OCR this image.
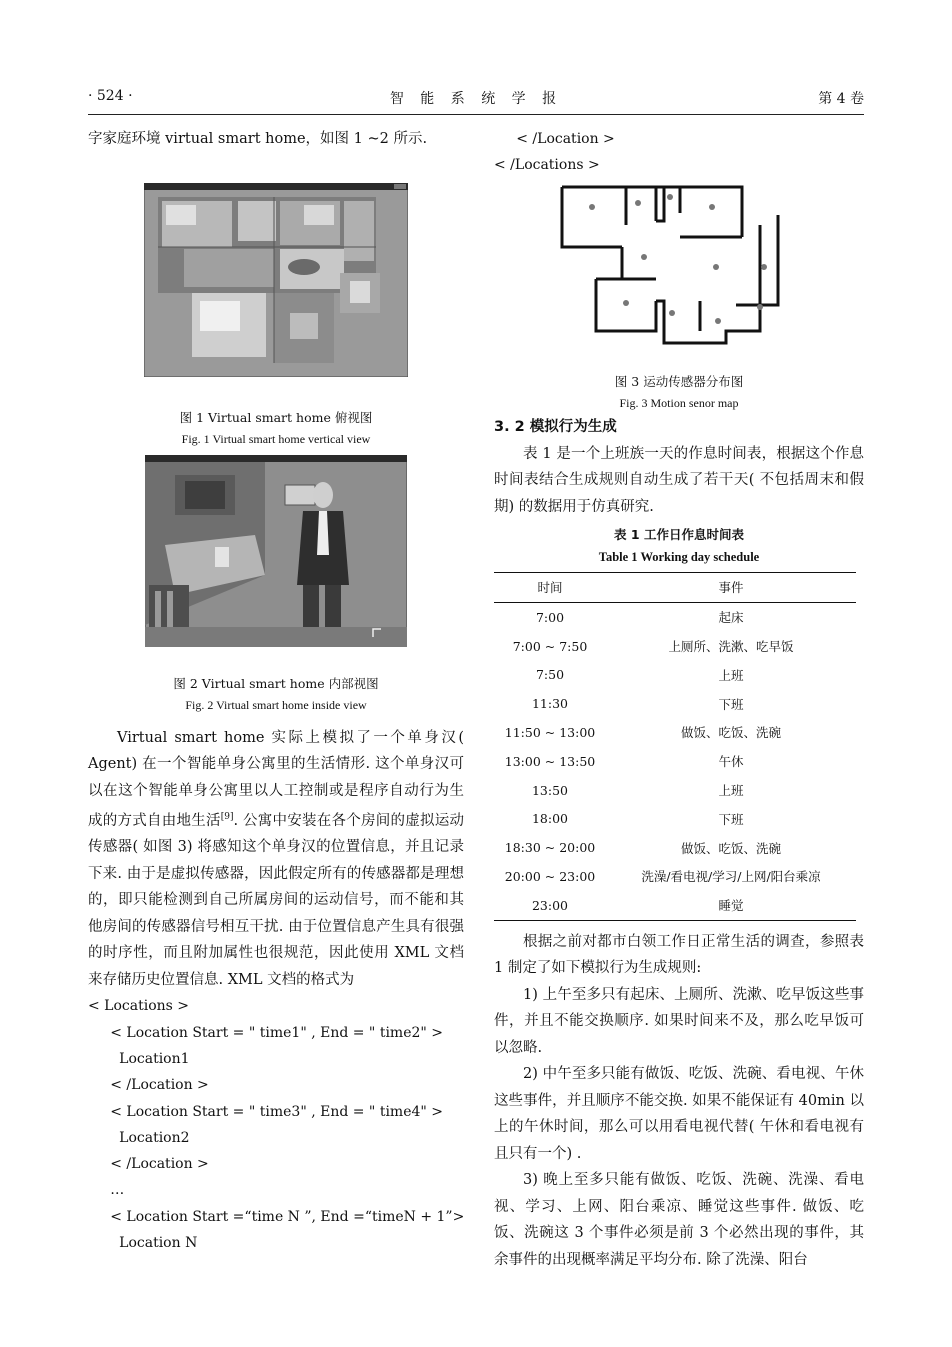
· 524 ·	智 能 系 统 学 报	第 4 卷

字家庭环境 virtual smart home，如图 1 ~2 所示.

图 1 Virtual smart home 俯视图
Fig. 1 Virtual smart home vertical view
图 2 Virtual smart home 内部视图
Fig. 2 Virtual smart home inside view

Virtual smart home 实际上模拟了一个单身汉( Agent) 在一个智能单身公寓里的生活情形. 这个单身汉可以在这个智能单身公寓里以人工控制或是程序自动行为生成的方式自由地生活[9]. 公寓中安装在各个房间的虚拟运动传感器( 如图 3) 将感知这个单身汉的位置信息，并且记录下来. 由于是虚拟传感器，因此假定所有的传感器都是理想的，即只能检测到自己所属房间的运动信号，而不能和其他房间的传感器信号相互干扰. 由于位置信息产生具有很强的时序性，而且附加属性也很规范，因此使用 XML 文档来存储历史位置信息. XML 文档的格式为

< Locations >
< Location Start = " time1" , End = " time2" >
Location1
< /Location >
< Location Start = " time3" , End = " time4" >
Location2
< /Location >
…
< Location Start =“time N ”, End =“timeN + 1”>
Location N
< /Location >
< /Locations >
图 3 运动传感器分布图
Fig. 3 Motion senor map
3. 2 模拟行为生成

表 1 是一个上班族一天的作息时间表，根据这个作息时间表结合生成规则自动生成了若干天( 不包括周末和假期) 的数据用于仿真研究.

表 1 工作日作息时间表
Table 1 Working day schedule
时间	事件
7:00	起床
7:00 ~ 7:50	上厕所、洗漱、吃早饭
7:50	上班
11:30	下班
11:50 ~ 13:00	做饭、吃饭、洗碗
13:00 ~ 13:50	午休
13:50	上班
18:00	下班
18:30 ~ 20:00	做饭、吃饭、洗碗
20:00 ~ 23:00	洗澡/看电视/学习/上网/阳台乘凉
23:00	睡觉

根据之前对都市白领工作日正常生活的调查，参照表 1 制定了如下模拟行为生成规则:

1) 上午至多只有起床、上厕所、洗漱、吃早饭这些事件，并且不能交换顺序. 如果时间来不及，那么吃早饭可以忽略.

2) 中午至多只能有做饭、吃饭、洗碗、看电视、午休这些事件，并且顺序不能交换. 如果不能保证有 40min 以上的午休时间，那么可以用看电视代替( 午休和看电视有且只有一个) .

3) 晚上至多只能有做饭、吃饭、洗碗、洗澡、看电视、学习、上网、阳台乘凉、睡觉这些事件. 做饭、吃饭、洗碗这 3 个事件必须是前 3 个必然出现的事件，其余事件的出现概率满足平均分布. 除了洗澡、阳台
